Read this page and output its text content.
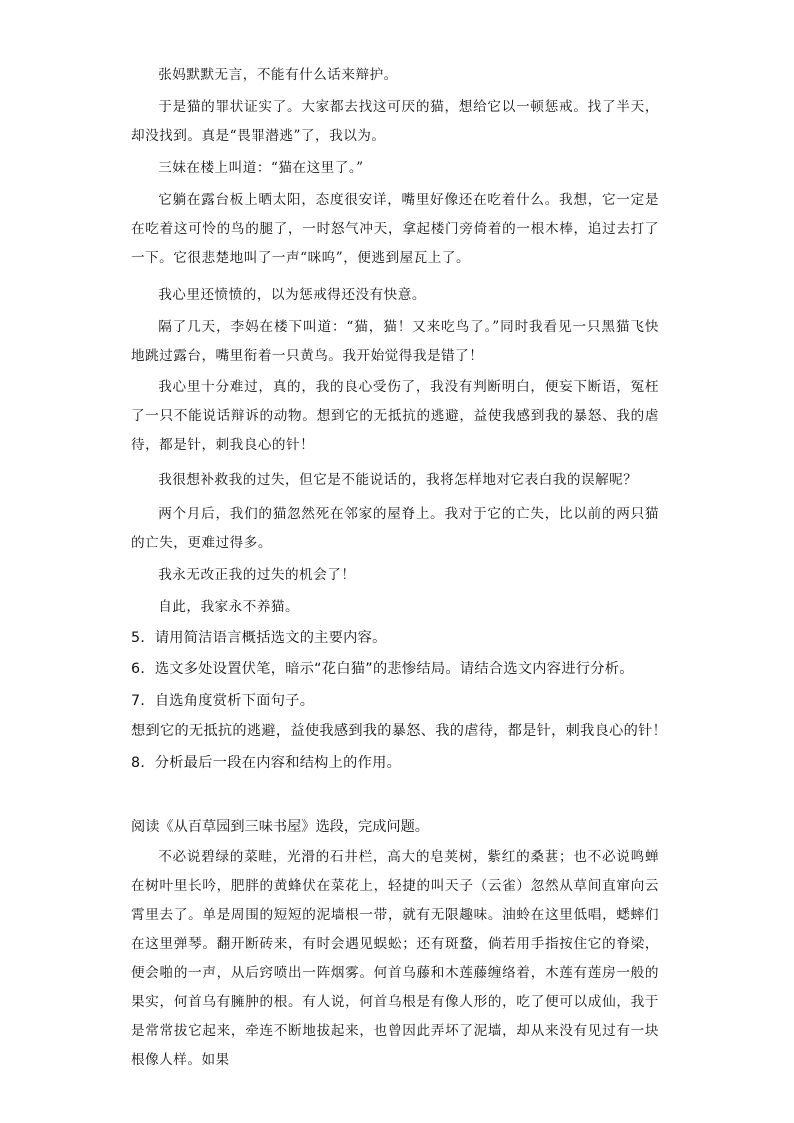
张妈默默无言，不能有什么话来辩护。

于是猫的罪状证实了。大家都去找这可厌的猫，想给它以一顿惩戒。找了半天，却没找到。真是“畏罪潜逃”了，我以为。

三妹在楼上叫道：“猫在这里了。”

它躺在露台板上晒太阳，态度很安详，嘴里好像还在吃着什么。我想，它一定是在吃着这可怜的鸟的腿了，一时怒气冲天，拿起楼门旁倚着的一根木棒，追过去打了一下。它很悲楚地叫了一声“咪呜”，便逃到屋瓦上了。

我心里还愤愤的，以为惩戒得还没有快意。

隔了几天，李妈在楼下叫道：“猫，猫！又来吃鸟了。”同时我看见一只黑猫飞快地跳过露台，嘴里衔着一只黄鸟。我开始觉得我是错了！

我心里十分难过，真的，我的良心受伤了，我没有判断明白，便妄下断语，冤枉了一只不能说话辩诉的动物。想到它的无抵抗的逃避，益使我感到我的暴怒、我的虐待，都是针，刺我良心的针！

我很想补救我的过失，但它是不能说话的，我将怎样地对它表白我的误解呢？

两个月后，我们的猫忽然死在邻家的屋脊上。我对于它的亡失，比以前的两只猫的亡失，更难过得多。

我永无改正我的过失的机会了！

自此，我家永不养猫。

5．请用简洁语言概括选文的主要内容。

6．选文多处设置伏笔，暗示“花白猫”的悲惨结局。请结合选文内容进行分析。

7．自选角度赏析下面句子。

想到它的无抵抗的逃避，益使我感到我的暴怒、我的虐待，都是针，刺我良心的针！

8．分析最后一段在内容和结构上的作用。

阅读《从百草园到三味书屋》选段，完成问题。

不必说碧绿的菜畦，光滑的石井栏，高大的皂荚树，紫红的桑葚；也不必说鸣蝉在树叶里长吟，肥胖的黄蜂伏在菜花上，轻捷的叫天子（云雀）忽然从草间直窜向云霄里去了。单是周围的短短的泥墙根一带，就有无限趣味。油蛉在这里低唱，蟋蟀们在这里弹琴。翻开断砖来，有时会遇见蜈蚣；还有斑蝥，倘若用手指按住它的脊梁，便会啪的一声，从后窍喷出一阵烟雾。何首乌藤和木莲藤缠络着，木莲有莲房一般的果实，何首乌有臃肿的根。有人说，何首乌根是有像人形的，吃了便可以成仙，我于是常常拔它起来，牵连不断地拔起来，也曾因此弄坏了泥墙，却从来没有见过有一块根像人样。如果
